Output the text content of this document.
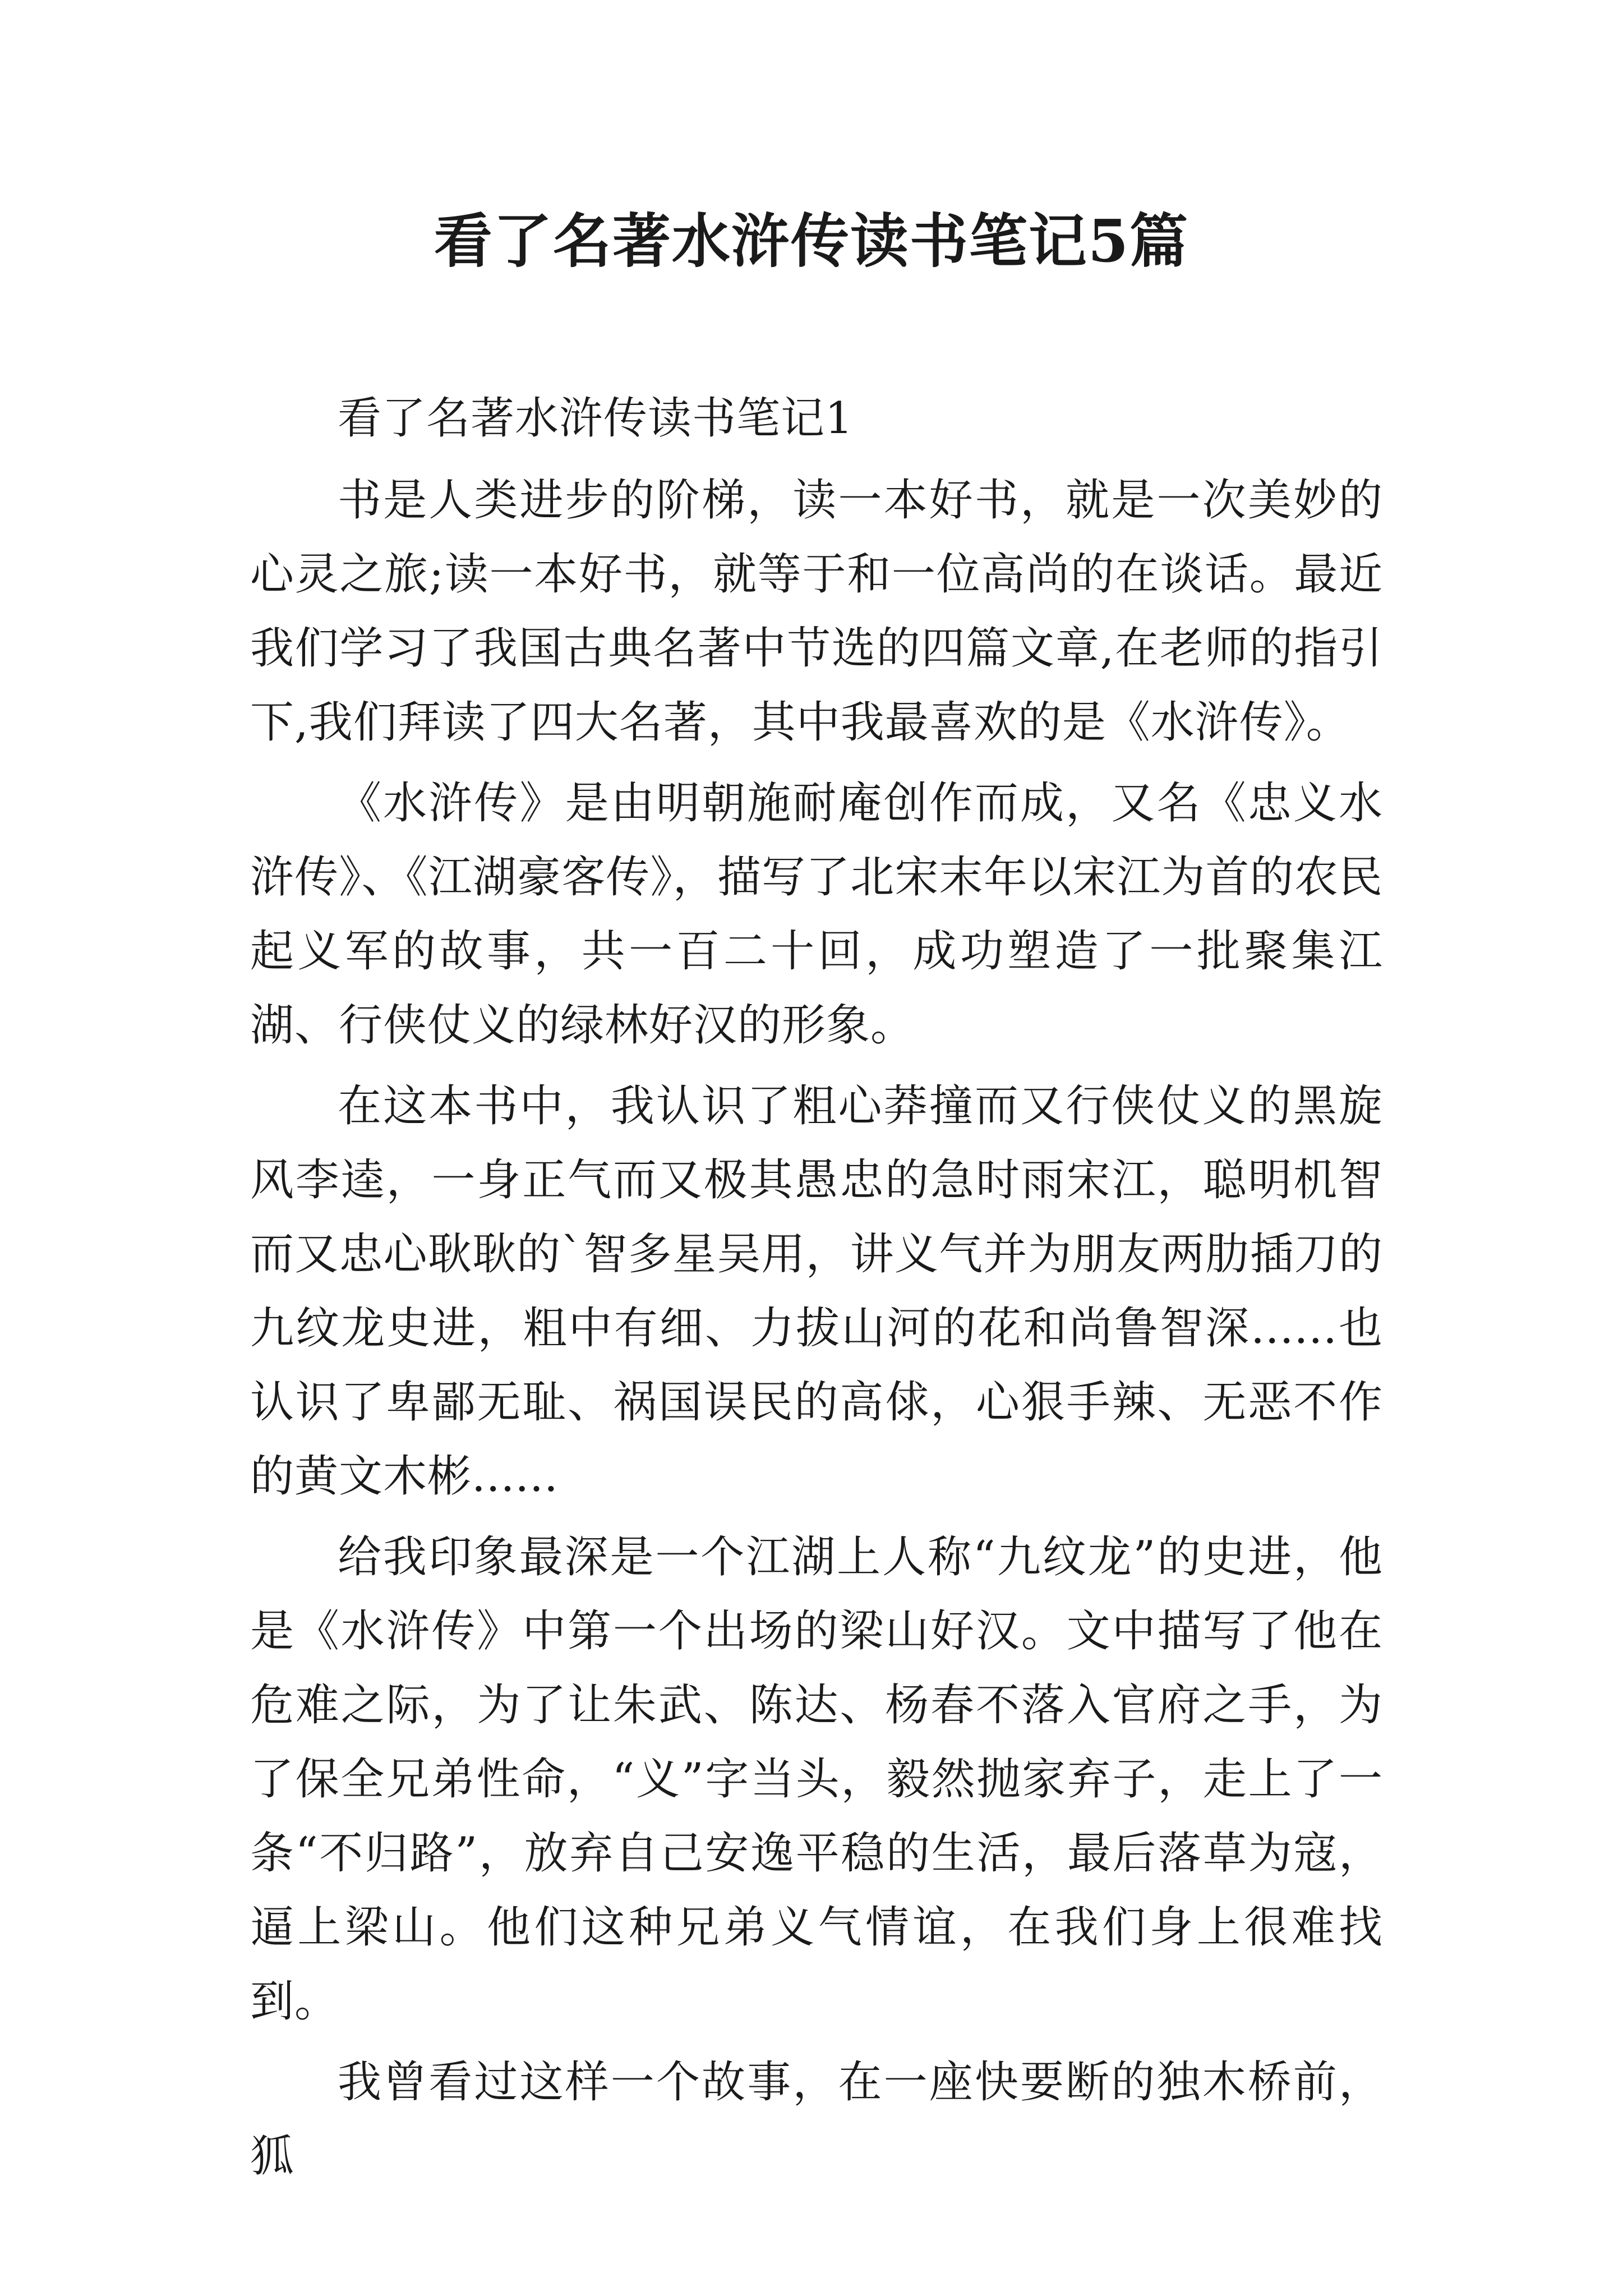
看了名著水浒传读书笔记5篇

看了名著水浒传读书笔记1

书是人类进步的阶梯，读一本好书，就是一次美妙的心灵之旅;读一本好书，就等于和一位高尚的在谈话。最近我们学习了我国古典名著中节选的四篇文章,在老师的指引下,我们拜读了四大名著，其中我最喜欢的是《水浒传》。

《水浒传》是由明朝施耐庵创作而成，又名《忠义水浒传》、《江湖豪客传》，描写了北宋末年以宋江为首的农民起义军的故事，共一百二十回，成功塑造了一批聚集江湖、行侠仗义的绿林好汉的形象。

在这本书中，我认识了粗心莽撞而又行侠仗义的黑旋风李逵，一身正气而又极其愚忠的急时雨宋江，聪明机智而又忠心耿耿的`智多星吴用，讲义气并为朋友两肋插刀的九纹龙史进，粗中有细、力拔山河的花和尚鲁智深......也认识了卑鄙无耻、祸国误民的高俅，心狠手辣、无恶不作的黄文木彬......

给我印象最深是一个江湖上人称“九纹龙”的史进，他是《水浒传》中第一个出场的梁山好汉。文中描写了他在危难之际，为了让朱武、陈达、杨春不落入官府之手，为了保全兄弟性命，“义”字当头，毅然抛家弃子，走上了一条“不归路”，放弃自己安逸平稳的生活，最后落草为寇，逼上梁山。他们这种兄弟义气情谊，在我们身上很难找到。

我曾看过这样一个故事，在一座快要断的独木桥前，狐
